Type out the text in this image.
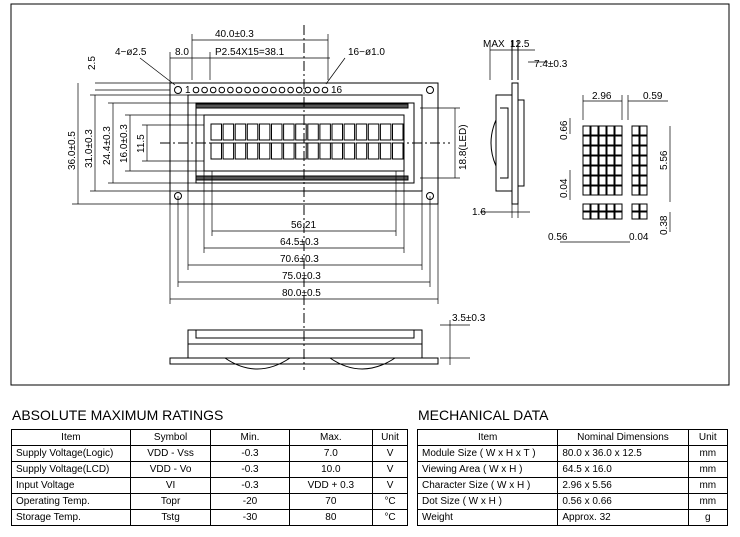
40.0±0.3
8.0	P2.54X15=38.1
4−ø2.5	16−ø1.0
2.5
1	16
36.0±0.5 31.0±0.3 24.4±0.3 16.0±0.3 11.5	18.8(LED)
56.21
64.5±0.3
70.6±0.3
75.0±0.3
80.0±0.5
MAX 12.5
7.4±0.3
1.6
3.5±0.3
2.96	0.59
0.66
5.56
0.04
0.56	0.04
0.38
ABSOLUTE MAXIMUM RATINGS
Item	Symbol	Min.	Max.	Unit
Supply Voltage(Logic)	VDD - Vss	-0.3	7.0	V
Supply Voltage(LCD)	VDD - Vo	-0.3	10.0	V
Input Voltage	VI	-0.3	VDD + 0.3	V
Operating Temp.	Topr	-20	70	°C
Storage Temp.	Tstg	-30	80	°C
MECHANICAL DATA
Item	Nominal Dimensions	Unit
Module Size ( W x H x T )	80.0 x 36.0 x 12.5	mm
Viewing Area ( W x H )	64.5 x 16.0	mm
Character Size ( W x H )	2.96 x 5.56	mm
Dot Size ( W x H )	0.56 x 0.66	mm
Weight	Approx. 32	g
